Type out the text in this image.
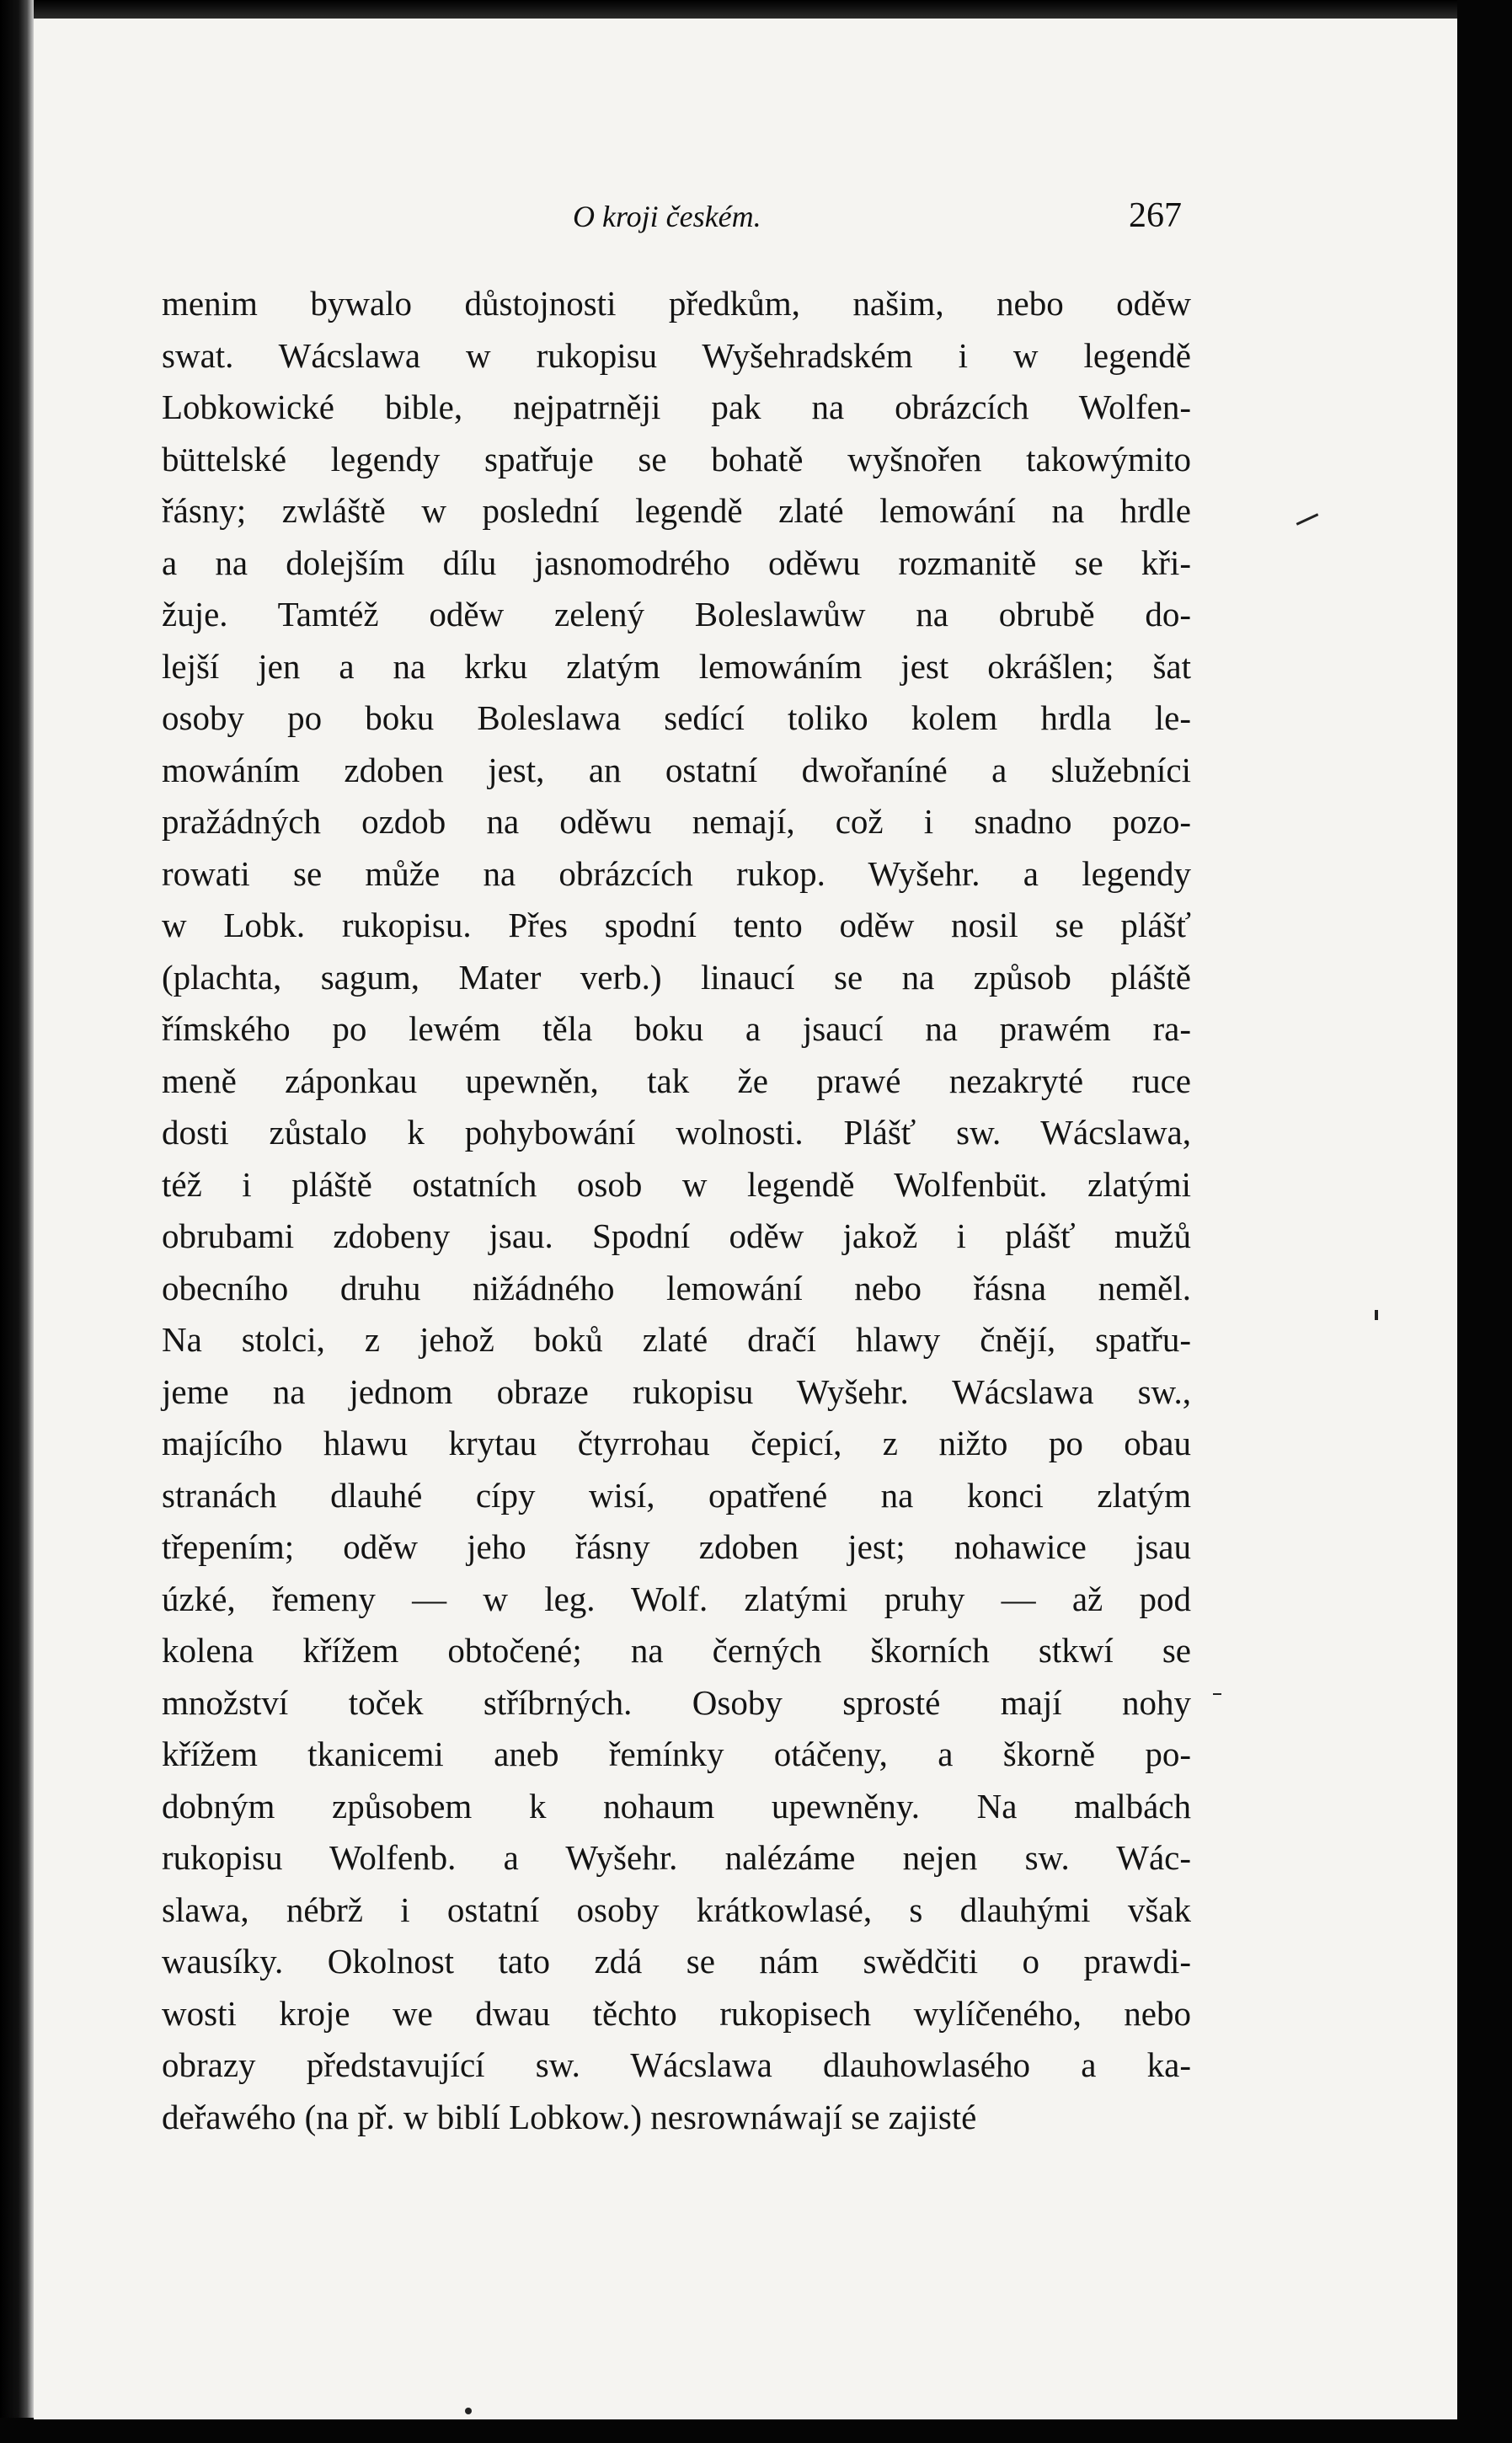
O kroji českém.	267
menim bywalo důstojnosti předkům, našim, nebo oděw
swat. Wácslawa w rukopisu Wyšehradském i w legendě
Lobkowické bible, nejpatrněji pak na obrázcích Wolfen-
büttelské legendy spatřuje se bohatě wyšnořen takowýmito
řásny; zwláště w poslední legendě zlaté lemowání na hrdle
a na dolejším dílu jasnomodrého oděwu rozmanitě se kři-
žuje. Tamtéž oděw zelený Boleslawůw na obrubě do-
lejší jen a na krku zlatým lemowáním jest okrášlen; šat
osoby po boku Boleslawa sedící toliko kolem hrdla le-
mowáním zdoben jest, an ostatní dwořaníné a služebníci
pražádných ozdob na oděwu nemají, což i snadno pozo-
rowati se může na obrázcích rukop. Wyšehr. a legendy
w Lobk. rukopisu. Přes spodní tento oděw nosil se plášť
(plachta, sagum, Mater verb.) linaucí se na způsob pláště
římského po lewém těla boku a jsaucí na prawém ra-
meně záponkau upewněn, tak že prawé nezakryté ruce
dosti zůstalo k pohybowání wolnosti. Plášť sw. Wácslawa,
též i pláště ostatních osob w legendě Wolfenbüt. zlatými
obrubami zdobeny jsau. Spodní oděw jakož i plášť mužů
obecního druhu nižádného lemowání nebo řásna neměl.
Na stolci, z jehož boků zlaté dračí hlawy čnějí, spatřu-
jeme na jednom obraze rukopisu Wyšehr. Wácslawa sw.,
majícího hlawu krytau čtyrrohau čepicí, z nižto po obau
stranách dlauhé cípy wisí, opatřené na konci zlatým
třepením; oděw jeho řásny zdoben jest; nohawice jsau
úzké, řemeny — w leg. Wolf. zlatými pruhy — až pod
kolena křížem obtočené; na černých škorních stkwí se
množství toček stříbrných. Osoby sprosté mají nohy
křížem tkanicemi aneb řemínky otáčeny, a škorně po-
dobným způsobem k nohaum upewněny. Na malbách
rukopisu Wolfenb. a Wyšehr. nalézáme nejen sw. Wác-
slawa, nébrž i ostatní osoby krátkowlasé, s dlauhými však
wausíky. Okolnost tato zdá se nám swědčiti o prawdi-
wosti kroje we dwau těchto rukopisech wylíčeného, nebo
obrazy představující sw. Wácslawa dlauhowlasého a ka-
deřawého (na př. w biblí Lobkow.) nesrownáwají se zajisté
